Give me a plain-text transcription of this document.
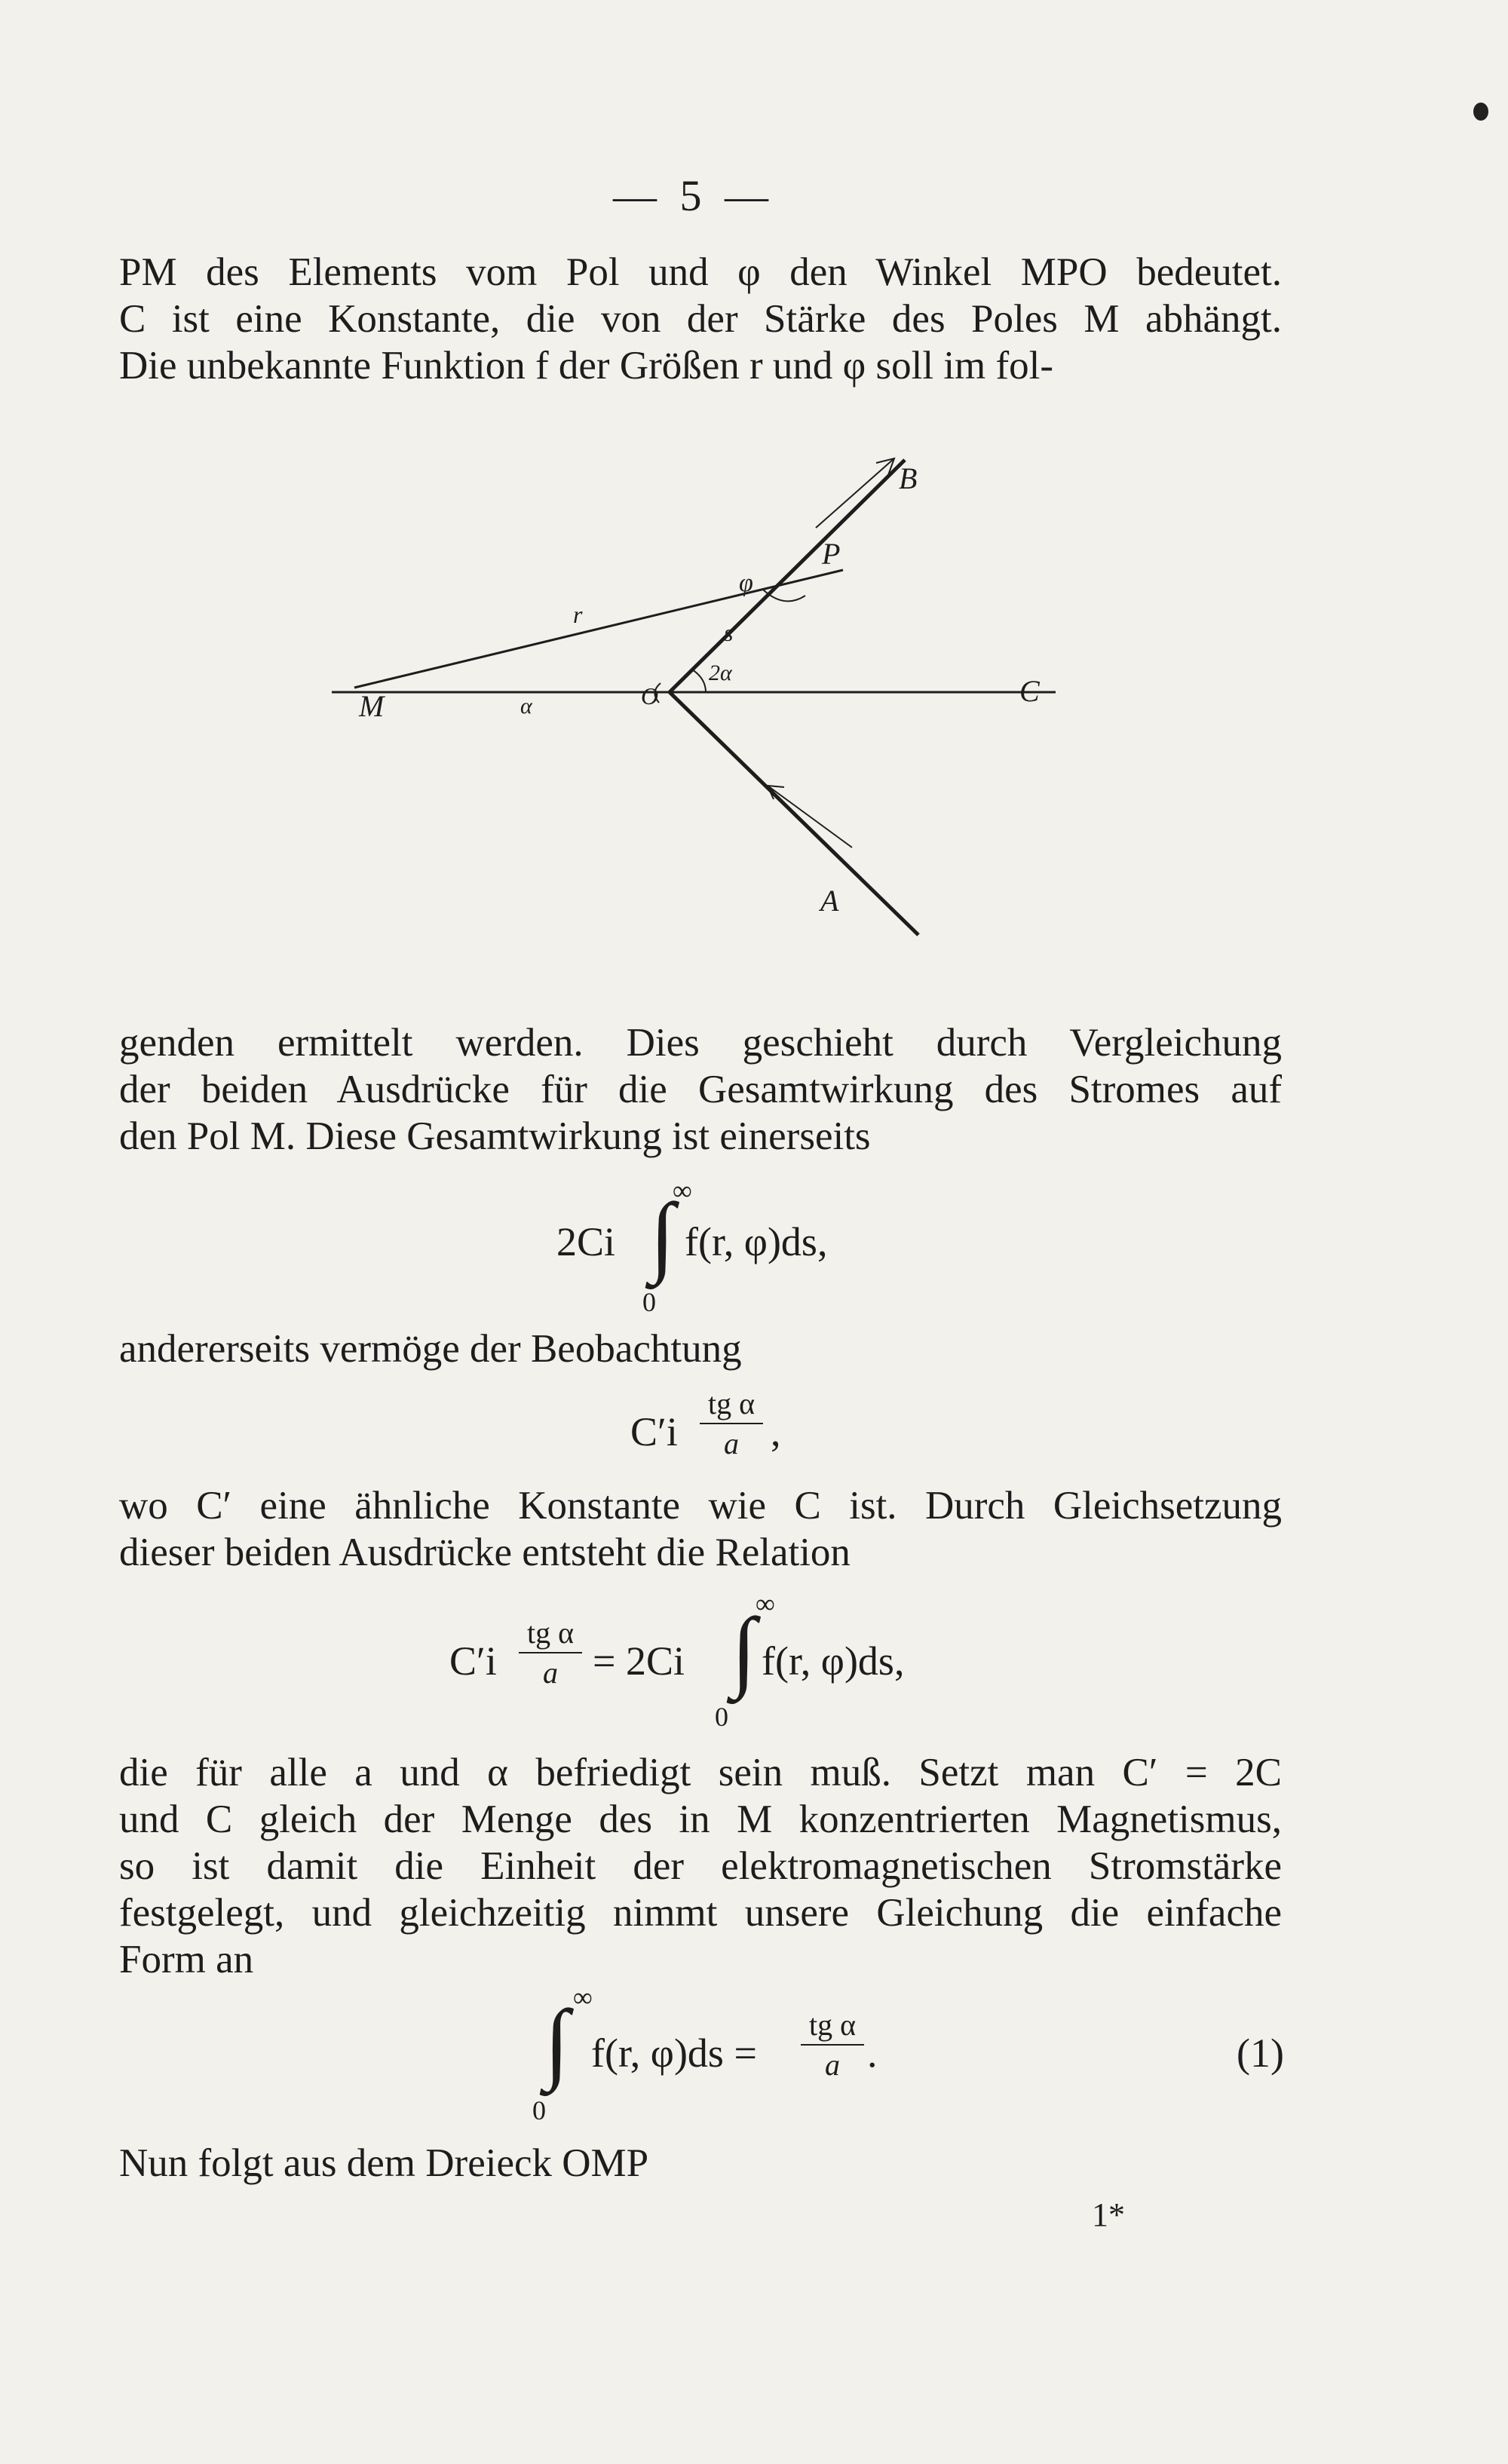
— 5 —
PM des Elements vom Pol und φ den Winkel MPO bedeutet.
C ist eine Konstante, die von der Stärke des Poles M abhängt.
Die unbekannte Funktion f der Größen r und φ soll im fol-
B
P
φ
r
s
2α
M	α	O	C
A
genden ermittelt werden. Dies geschieht durch Vergleichung
der beiden Ausdrücke für die Gesamtwirkung des Stromes auf
den Pol M. Diese Gesamtwirkung ist einerseits
2Ci
∞
∫
0
f(r, φ)ds,
andererseits vermöge der Beobachtung
$C'i \frac{\text{tg α}}{a}$ ,
wo C′ eine ähnliche Konstante wie C ist. Durch Gleichsetzung
dieser beiden Ausdrücke entsteht die Relation
$C'i \frac{\text{tg α}}{a} = 2Ci$
∞
∫
0
f(r, φ)ds,
die für alle a und α befriedigt sein muß. Setzt man C′ = 2C
und C gleich der Menge des in M konzentrierten Magnetismus,
so ist damit die Einheit der elektromagnetischen Stromstärke
festgelegt, und gleichzeitig nimmt unsere Gleichung die einfache
Form an
∞
∫
0
f(r, $\varphi)ds = \frac{\text{tg α}}{a}$ .	(1)
Nun folgt aus dem Dreieck OMP
1*
